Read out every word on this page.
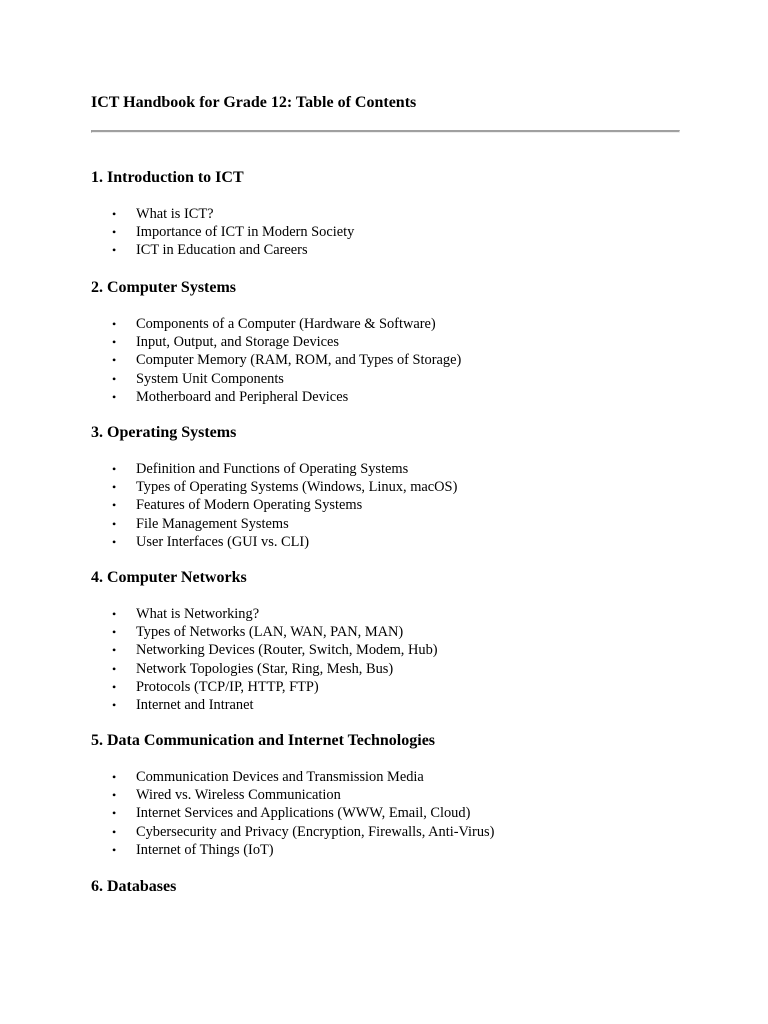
ICT Handbook for Grade 12: Table of Contents
1. Introduction to ICT
• What is ICT?
• Importance of ICT in Modern Society
• ICT in Education and Careers
2. Computer Systems
• Components of a Computer (Hardware & Software)
• Input, Output, and Storage Devices
• Computer Memory (RAM, ROM, and Types of Storage)
• System Unit Components
• Motherboard and Peripheral Devices
3. Operating Systems
• Definition and Functions of Operating Systems
• Types of Operating Systems (Windows, Linux, macOS)
• Features of Modern Operating Systems
• File Management Systems
• User Interfaces (GUI vs. CLI)
4. Computer Networks
• What is Networking?
• Types of Networks (LAN, WAN, PAN, MAN)
• Networking Devices (Router, Switch, Modem, Hub)
• Network Topologies (Star, Ring, Mesh, Bus)
• Protocols (TCP/IP, HTTP, FTP)
• Internet and Intranet
5. Data Communication and Internet Technologies
• Communication Devices and Transmission Media
• Wired vs. Wireless Communication
• Internet Services and Applications (WWW, Email, Cloud)
• Cybersecurity and Privacy (Encryption, Firewalls, Anti-Virus)
• Internet of Things (IoT)
6. Databases
